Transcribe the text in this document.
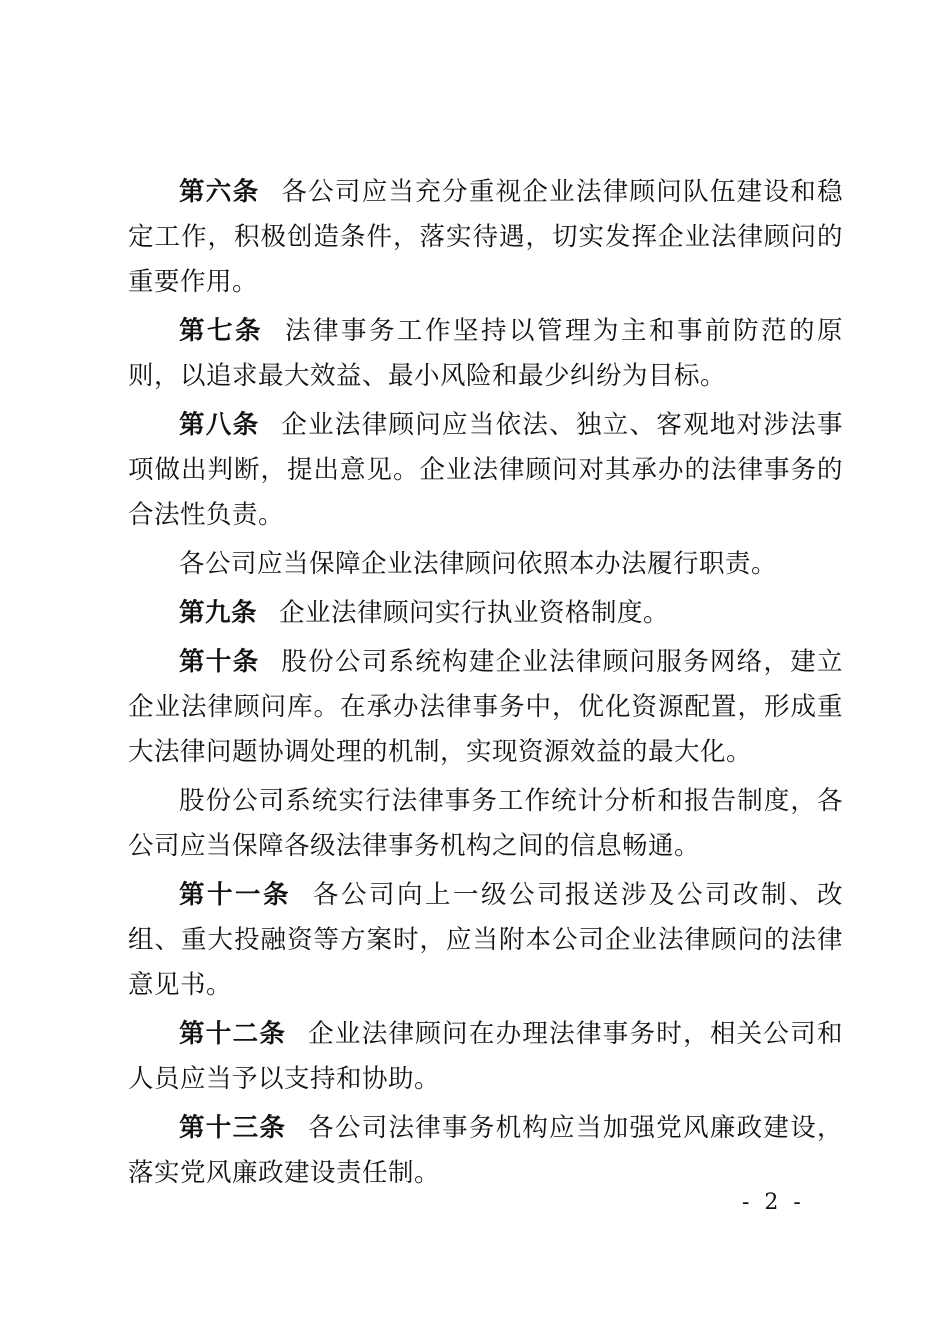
第六条 各公司应当充分重视企业法律顾问队伍建设和稳定工作，积极创造条件，落实待遇，切实发挥企业法律顾问的重要作用。

第七条 法律事务工作坚持以管理为主和事前防范的原则，以追求最大效益、最小风险和最少纠纷为目标。

第八条 企业法律顾问应当依法、独立、客观地对涉法事项做出判断，提出意见。企业法律顾问对其承办的法律事务的合法性负责。

各公司应当保障企业法律顾问依照本办法履行职责。

第九条 企业法律顾问实行执业资格制度。

第十条 股份公司系统构建企业法律顾问服务网络，建立企业法律顾问库。在承办法律事务中，优化资源配置，形成重大法律问题协调处理的机制，实现资源效益的最大化。

股份公司系统实行法律事务工作统计分析和报告制度，各公司应当保障各级法律事务机构之间的信息畅通。

第十一条 各公司向上一级公司报送涉及公司改制、改组、重大投融资等方案时，应当附本公司企业法律顾问的法律意见书。

第十二条 企业法律顾问在办理法律事务时，相关公司和人员应当予以支持和协助。

第十三条 各公司法律事务机构应当加强党风廉政建设，落实党风廉政建设责任制。

- 2 -
